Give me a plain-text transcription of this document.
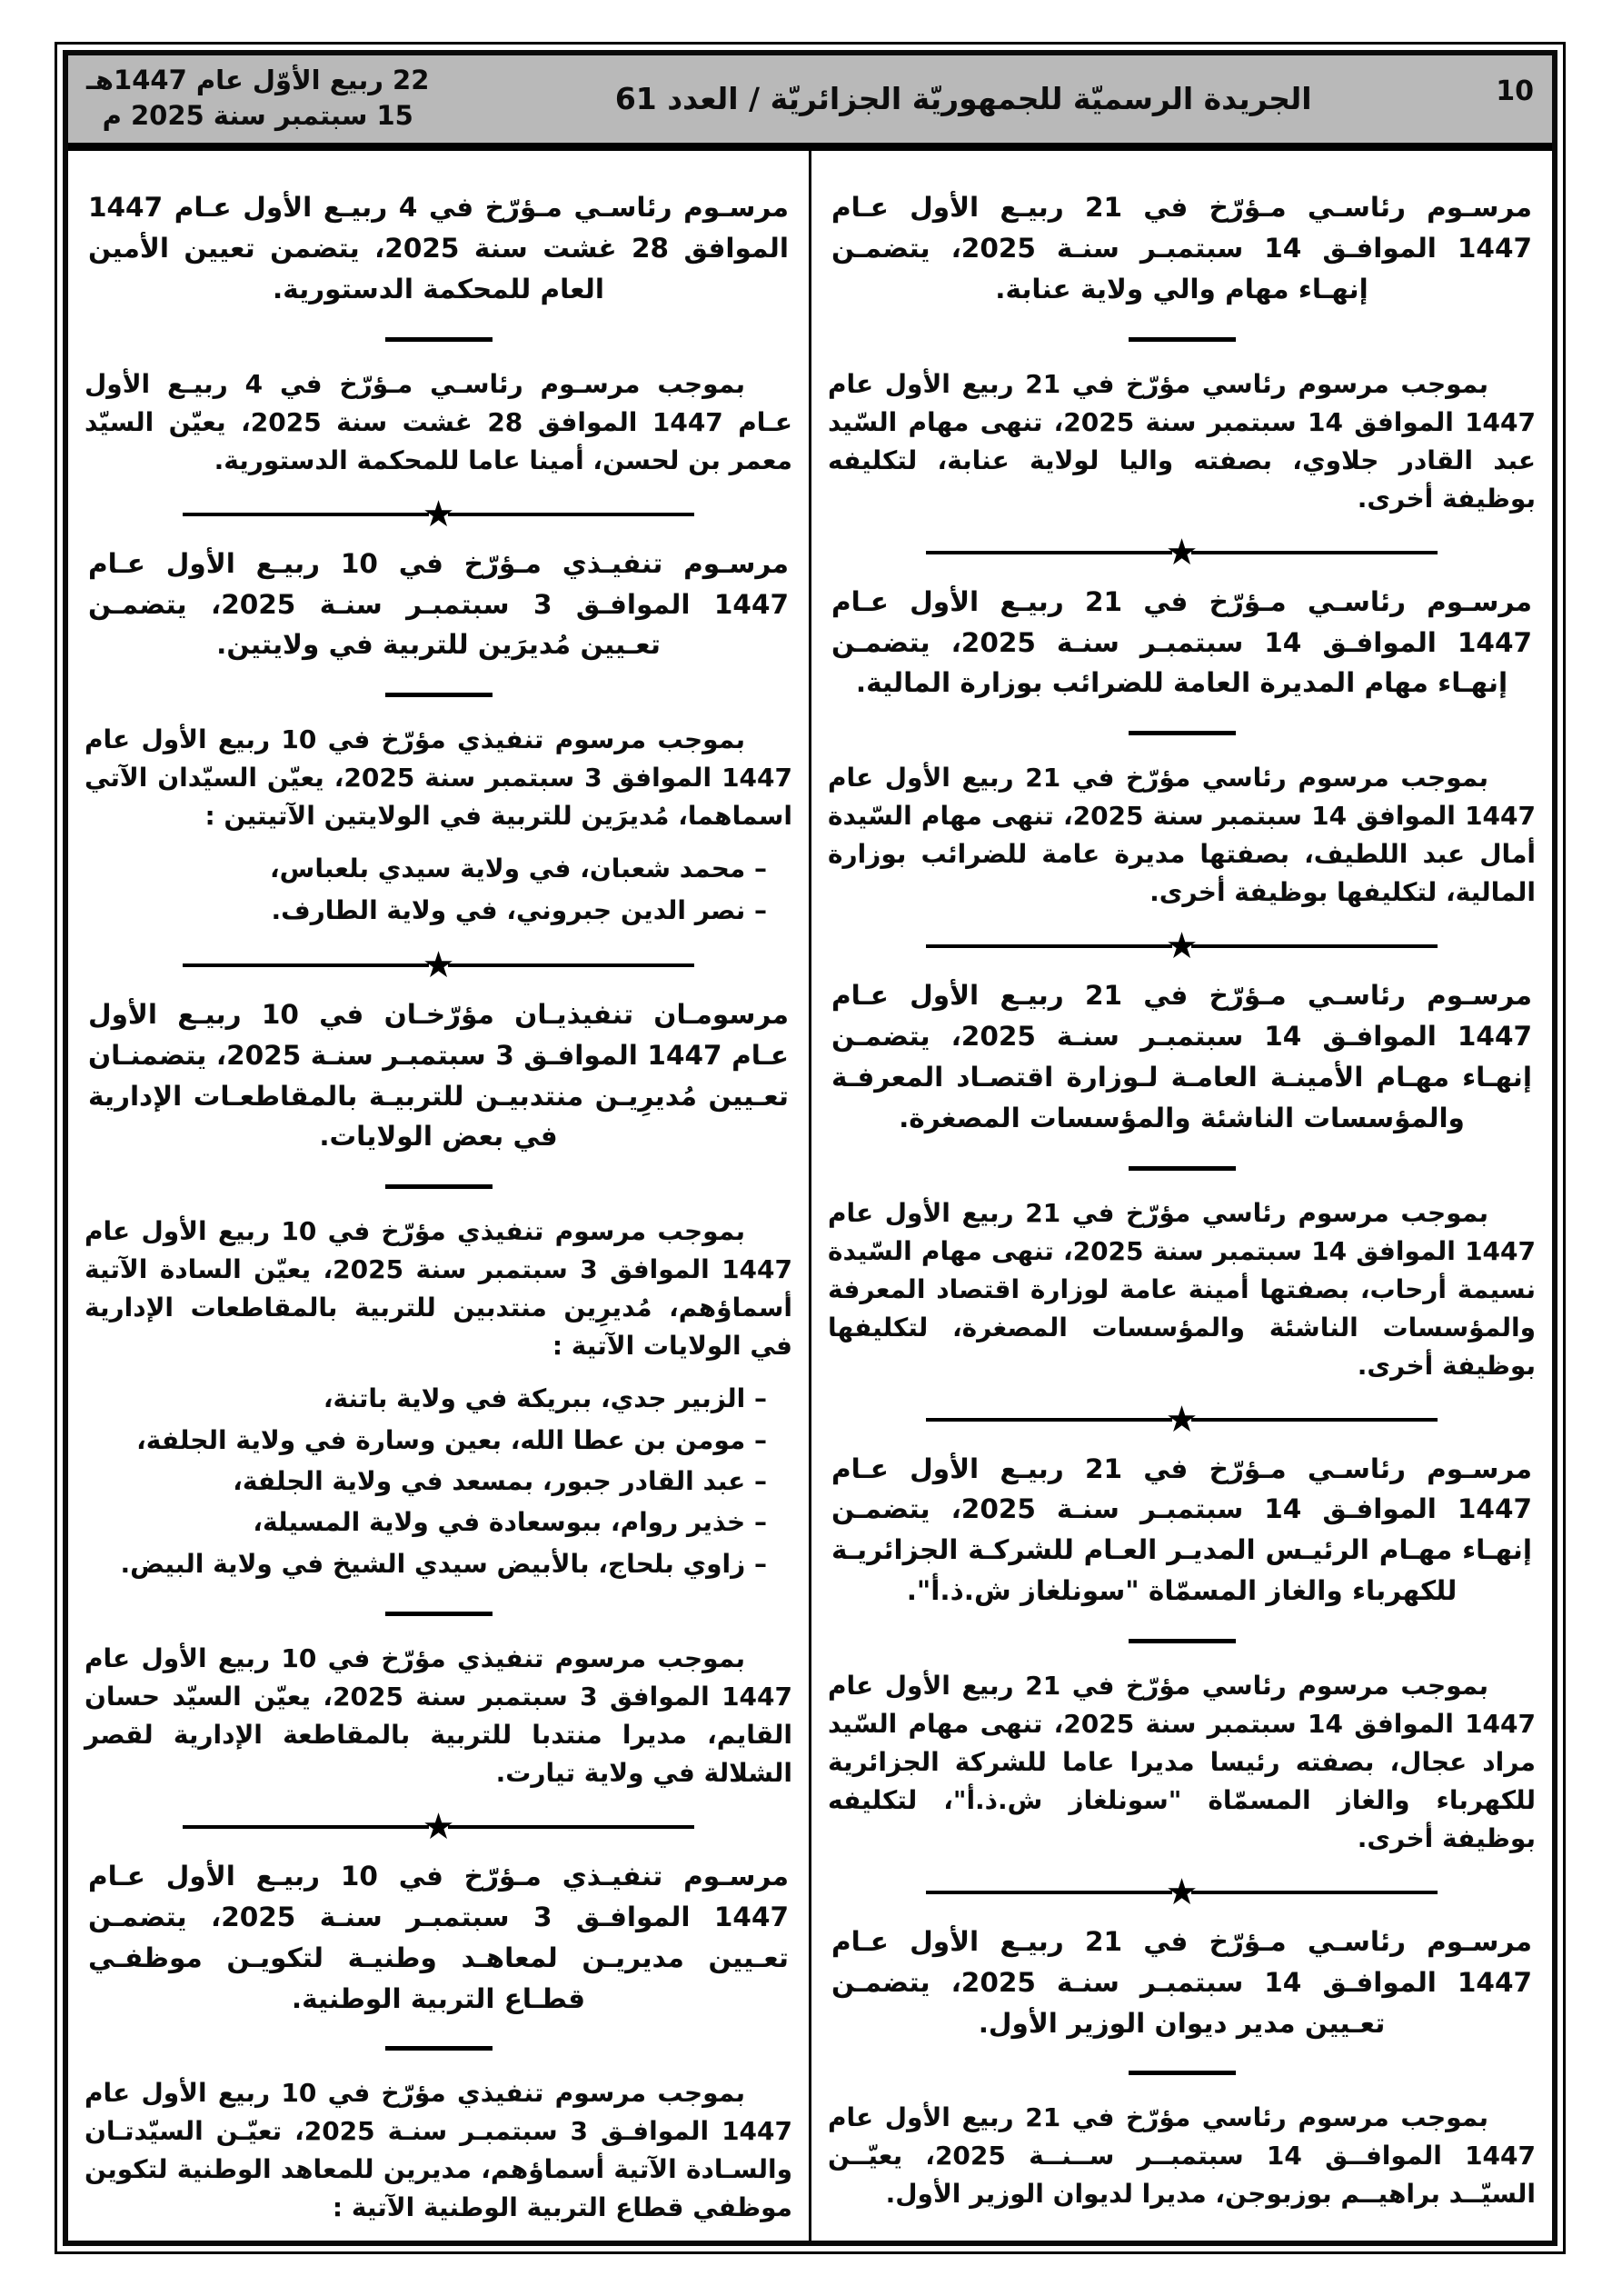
22 ربيع الأوّل عام 1447هـ
15 سبتمبر سنة 2025 م	الجريدة الرسميّة للجمهوريّة الجزائريّة / العدد 61	10
مرسـوم رئاسـي مـؤرّخ في 21 ربيـع الأول عـام 1447 الموافـق 14 سبتمبـر سنـة 2025، يتضمـن إنهـاء مهام والي ولاية عنابة.

بموجب مرسوم رئاسي مؤرّخ في 21 ربيع الأول عام 1447 الموافق 14 سبتمبر سنة 2025، تنهى مهام السّيد عبد القادر جلاوي، بصفته واليا لولاية عنابة، لتكليفه بوظيفة أخرى.

★
مرسـوم رئاسـي مـؤرّخ في 21 ربيـع الأول عـام 1447 الموافـق 14 سبتمبـر سنـة 2025، يتضمـن إنهـاء مهام المديرة العامة للضرائب بوزارة المالية.

بموجب مرسوم رئاسي مؤرّخ في 21 ربيع الأول عام 1447 الموافق 14 سبتمبر سنة 2025، تنهى مهام السّيدة أمال عبد اللطيف، بصفتها مديرة عامة للضرائب بوزارة المالية، لتكليفها بوظيفة أخرى.

★
مرسـوم رئاسـي مـؤرّخ في 21 ربيـع الأول عـام 1447 الموافـق 14 سبتمبـر سنـة 2025، يتضمـن إنهـاء مهـام الأمينـة العامـة لـوزارة اقتصـاد المعرفـة والمؤسسات الناشئة والمؤسسات المصغرة.

بموجب مرسوم رئاسي مؤرّخ في 21 ربيع الأول عام 1447 الموافق 14 سبتمبر سنة 2025، تنهى مهام السّيدة نسيمة أرحاب، بصفتها أمينة عامة لوزارة اقتصاد المعرفة والمؤسسات الناشئة والمؤسسات المصغرة، لتكليفها بوظيفة أخرى.

★
مرسـوم رئاسـي مـؤرّخ في 21 ربيـع الأول عـام 1447 الموافـق 14 سبتمبـر سنـة 2025، يتضمـن إنهـاء مهـام الرئيـس المديـر العـام للشركـة الجزائريـة للكهرباء والغاز المسمّاة "سونلغاز ش.ذ.أ".

بموجب مرسوم رئاسي مؤرّخ في 21 ربيع الأول عام 1447 الموافق 14 سبتمبر سنة 2025، تنهى مهام السّيد مراد عجال، بصفته رئيسا مديرا عاما للشركة الجزائرية للكهرباء والغاز المسمّاة "سونلغاز ش.ذ.أ"، لتكليفه بوظيفة أخرى.

★
مرسـوم رئاسـي مـؤرّخ في 21 ربيـع الأول عـام 1447 الموافـق 14 سبتمبـر سنـة 2025، يتضمـن تعـيين مدير ديوان الوزير الأول.

بموجب مرسوم رئاسي مؤرّخ في 21 ربيع الأول عام 1447 الموافــق 14 سبتمبــر ســنــة 2025، يعيّــن السيّــد براهيــم بوزبوجن، مديرا لديوان الوزير الأول.

مرسـوم رئاسـي مـؤرّخ في 4 ربيـع الأول عـام 1447 الموافق 28 غشت سنة 2025، يتضمن تعيين الأمين العام للمحكمة الدستورية.

بموجب مرسـوم رئاسـي مـؤرّخ في 4 ربيـع الأول عـام 1447 الموافق 28 غشت سنة 2025، يعيّن السيّد معمر بن لحسن، أمينا عاما للمحكمة الدستورية.

★
مرسـوم تنفيـذي مـؤرّخ في 10 ربيـع الأول عـام 1447 الموافـق 3 سبتمبـر سنـة 2025، يتضمـن تعـيين مُديرَين للتربية في ولايتين.

بموجب مرسوم تنفيذي مؤرّخ في 10 ربيع الأول عام 1447 الموافق 3 سبتمبر سنة 2025، يعيّن السيّدان الآتي اسماهما، مُديرَين للتربية في الولايتين الآتيتين :

– محمد شعبان، في ولاية سيدي بلعباس،
– نصر الدين جبروني، في ولاية الطارف.
★
مرسومـان تنفيذيـان مؤرّخـان في 10 ربيـع الأول عـام 1447 الموافـق 3 سبتمبـر سنـة 2025، يتضمنـان تعـيين مُديرِيـن منتدبيـن للتربيـة بالمقاطعـات الإدارية في بعض الولايات.

بموجب مرسوم تنفيذي مؤرّخ في 10 ربيع الأول عام 1447 الموافق 3 سبتمبر سنة 2025، يعيّن السادة الآتية أسماؤهم، مُديرِين منتدبين للتربية بالمقاطعات الإدارية في الولايات الآتية :

– الزبير جدي، ببريكة في ولاية باتنة،
– مومن بن عطا الله، بعين وسارة في ولاية الجلفة،
– عبد القادر جبور، بمسعد في ولاية الجلفة،
– خذير روام، ببوسعادة في ولاية المسيلة،
– زاوي بلحاج، بالأبيض سيدي الشيخ في ولاية البيض.

بموجب مرسوم تنفيذي مؤرّخ في 10 ربيع الأول عام 1447 الموافق 3 سبتمبر سنة 2025، يعيّن السيّد حسان القايم، مديرا منتدبا للتربية بالمقاطعة الإدارية لقصر الشلالة في ولاية تيارت.

★
مرسـوم تنفيـذي مـؤرّخ في 10 ربيـع الأول عـام 1447 الموافـق 3 سبتمبـر سنـة 2025، يتضمـن تعـيين مديريـن لمعاهـد وطنيـة لتكويـن موظفـي قطـاع التربية الوطنية.

بموجب مرسوم تنفيذي مؤرّخ في 10 ربيع الأول عام 1447 الموافـق 3 سبتمبـر سنـة 2025، تعيّـن السيّدتـان والسـادة الآتية أسماؤهم، مديرين للمعاهد الوطنية لتكوين موظفي قطاع التربية الوطنية الآتية :
